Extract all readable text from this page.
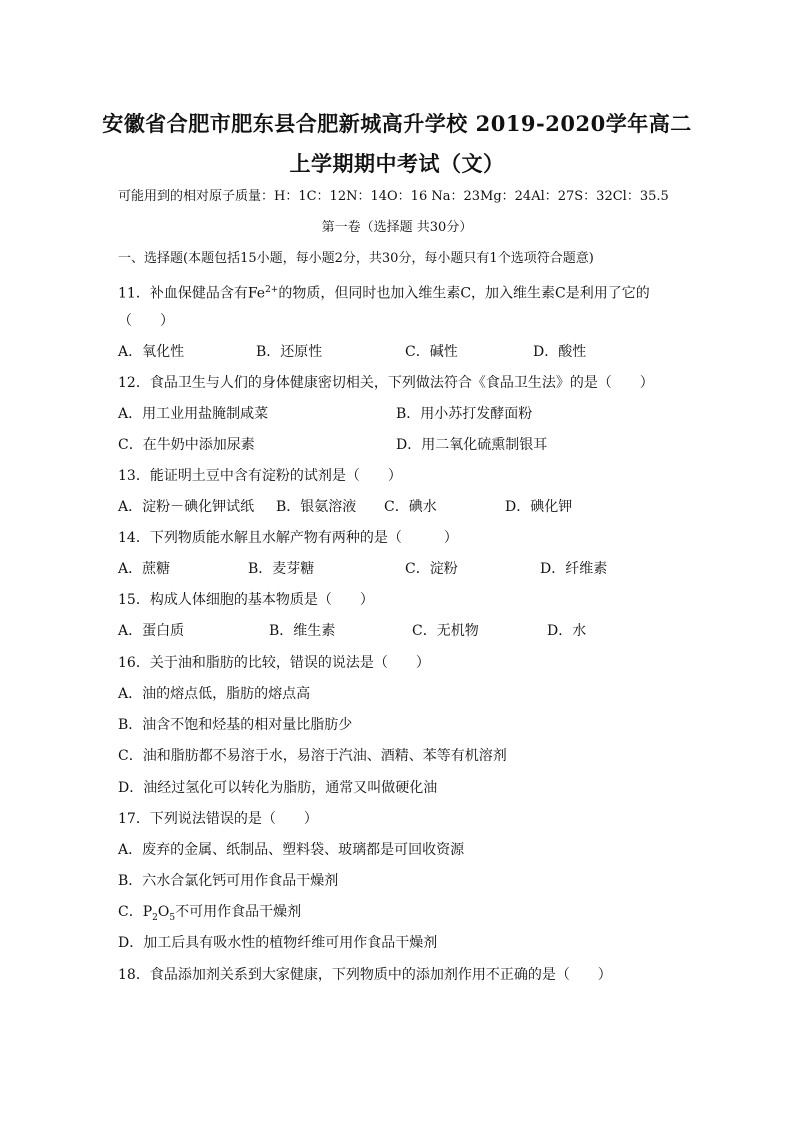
安徽省合肥市肥东县合肥新城高升学校 2019-2020学年高二
上学期期中考试（文）
可能用到的相对原子质量：H：1C：12N：14O：16 Na：23Mg：24Al：27S：32Cl：35.5
第一卷（选择题 共30分）
一、选择题(本题包括15小题，每小题2分，共30分，每小题只有1个选项符合题意)
11．补血保健品含有$Fe^{2+}$的物质，但同时也加入维生素C，加入维生素C是利用了它的
（　　）
A．氧化性	B．还原性	C．碱性	D．酸性
12．食品卫生与人们的身体健康密切相关，下列做法符合《食品卫生法》的是（　　）
A．用工业用盐腌制咸菜	B．用小苏打发酵面粉
C．在牛奶中添加尿素	D．用二氧化硫熏制银耳
13．能证明土豆中含有淀粉的试剂是（　　）
A．淀粉－碘化钾试纸 B．银氨溶液 C．碘水	D．碘化钾
14．下列物质能水解且水解产物有两种的是（　　　）
A．蔗糖	B．麦芽糖	C．淀粉	D．纤维素
15．构成人体细胞的基本物质是（　　）
A．蛋白质	B．维生素	C．无机物	D．水
16．关于油和脂肪的比较，错误的说法是（　　）
A．油的熔点低，脂肪的熔点高
B．油含不饱和烃基的相对量比脂肪少
C．油和脂肪都不易溶于水，易溶于汽油、酒精、苯等有机溶剂
D．油经过氢化可以转化为脂肪，通常又叫做硬化油
17．下列说法错误的是（　　）
A．废弃的金属、纸制品、塑料袋、玻璃都是可回收资源
B．六水合氯化钙可用作食品干燥剂
C．$P_2O_5$不可用作食品干燥剂
D．加工后具有吸水性的植物纤维可用作食品干燥剂
18．食品添加剂关系到大家健康，下列物质中的添加剂作用不正确的是（　　）
